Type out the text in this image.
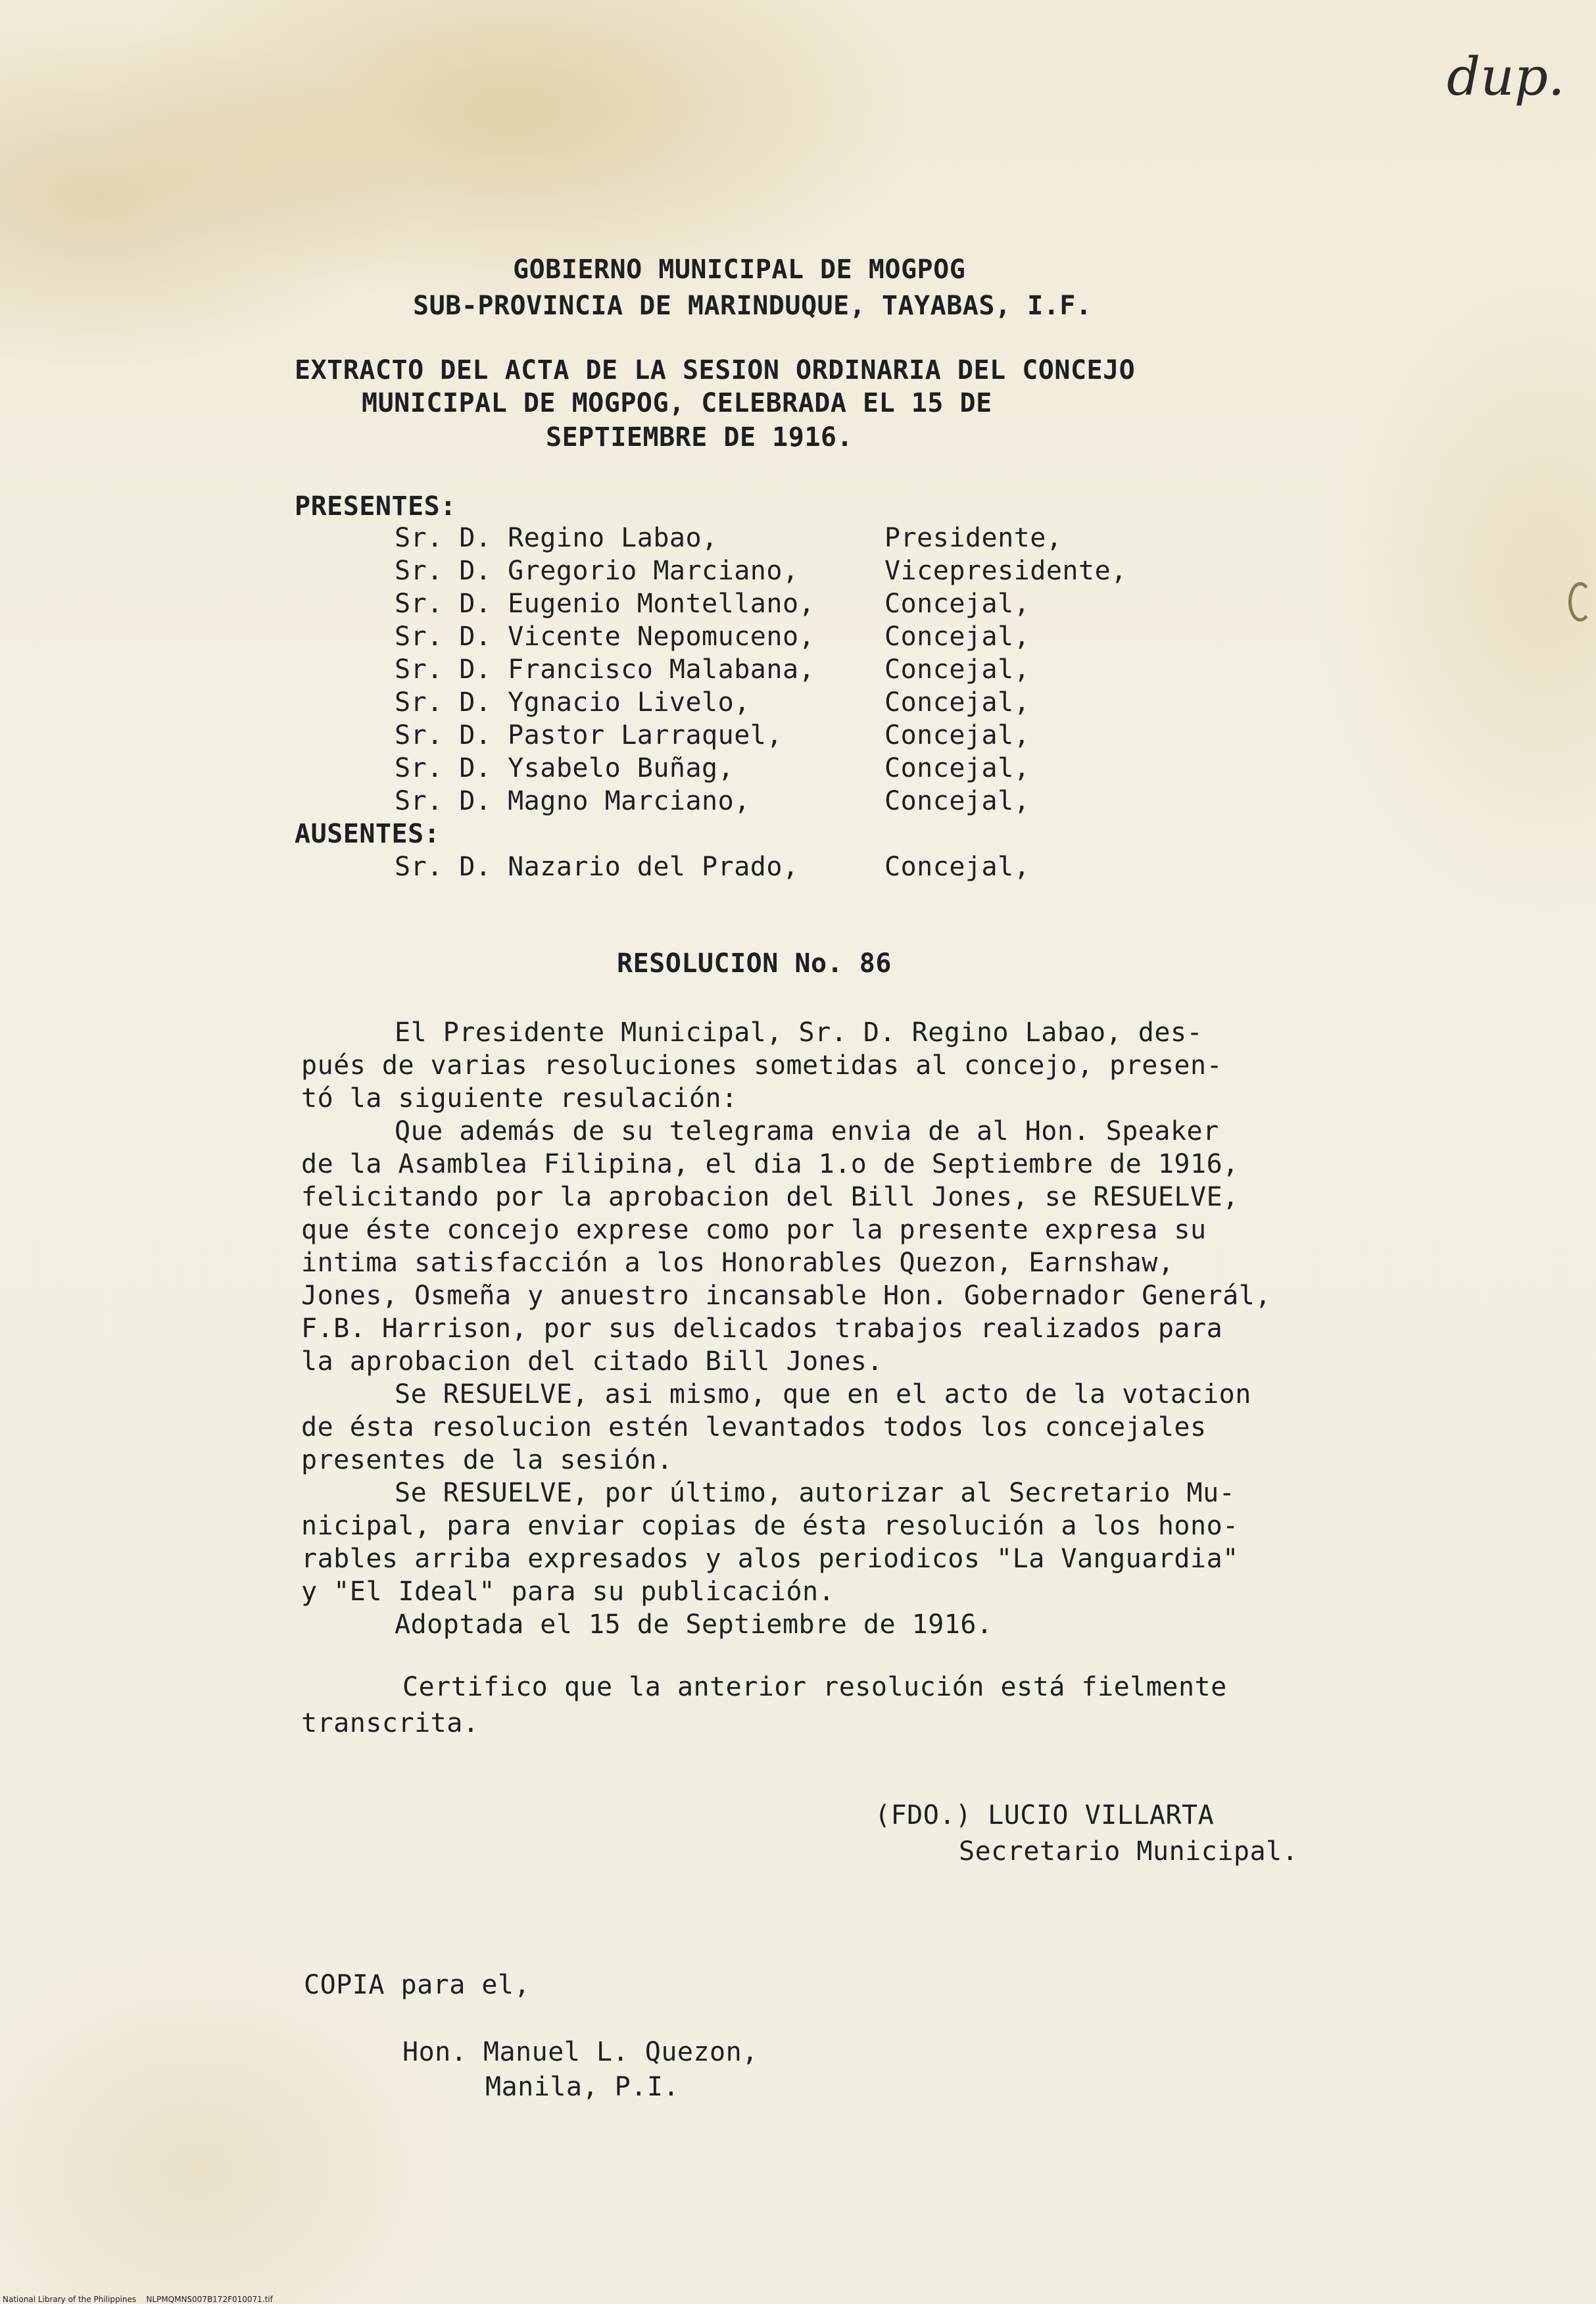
dup.
GOBIERNO MUNICIPAL DE MOGPOG
SUB-PROVINCIA DE MARINDUQUE, TAYABAS, I.F.
EXTRACTO DEL ACTA DE LA SESION ORDINARIA DEL CONCEJO
MUNICIPAL DE MOGPOG, CELEBRADA EL 15 DE
SEPTIEMBRE DE 1916.
PRESENTES:
Sr. D. Regino Labao,	Presidente,
Sr. D. Gregorio Marciano,	Vicepresidente,
Sr. D. Eugenio Montellano,	Concejal,
Sr. D. Vicente Nepomuceno,	Concejal,
Sr. D. Francisco Malabana,	Concejal,
Sr. D. Ygnacio Livelo,	Concejal,
Sr. D. Pastor Larraquel,	Concejal,
Sr. D. Ysabelo Buñag,	Concejal,
Sr. D. Magno Marciano,	Concejal,
AUSENTES:
Sr. D. Nazario del Prado,	Concejal,
RESOLUCION No. 86
El Presidente Municipal, Sr. D. Regino Labao, des-
pués de varias resoluciones sometidas al concejo, presen-
tó la siguiente resulación:
Que además de su telegrama envia de al Hon. Speaker
de la Asamblea Filipina, el dia 1.o de Septiembre de 1916,
felicitando por la aprobacion del Bill Jones, se RESUELVE,
que éste concejo exprese como por la presente expresa su
intima satisfacción a los Honorables Quezon, Earnshaw,
Jones, Osmeña y anuestro incansable Hon. Gobernador Generál,
F.B. Harrison, por sus delicados trabajos realizados para
la aprobacion del citado Bill Jones.
Se RESUELVE, asi mismo, que en el acto de la votacion
de ésta resolucion estén levantados todos los concejales
presentes de la sesión.
Se RESUELVE, por último, autorizar al Secretario Mu-
nicipal, para enviar copias de ésta resolución a los hono-
rables arriba expresados y alos periodicos "La Vanguardia"
y "El Ideal" para su publicación.
Adoptada el 15 de Septiembre de 1916.
Certifico que la anterior resolución está fielmente
transcrita.
(FDO.) LUCIO VILLARTA
Secretario Municipal.
COPIA para el,
Hon. Manuel L. Quezon,
Manila, P.I.
National Library of the Philippines    NLPMQMNS007B172F010071.tif
